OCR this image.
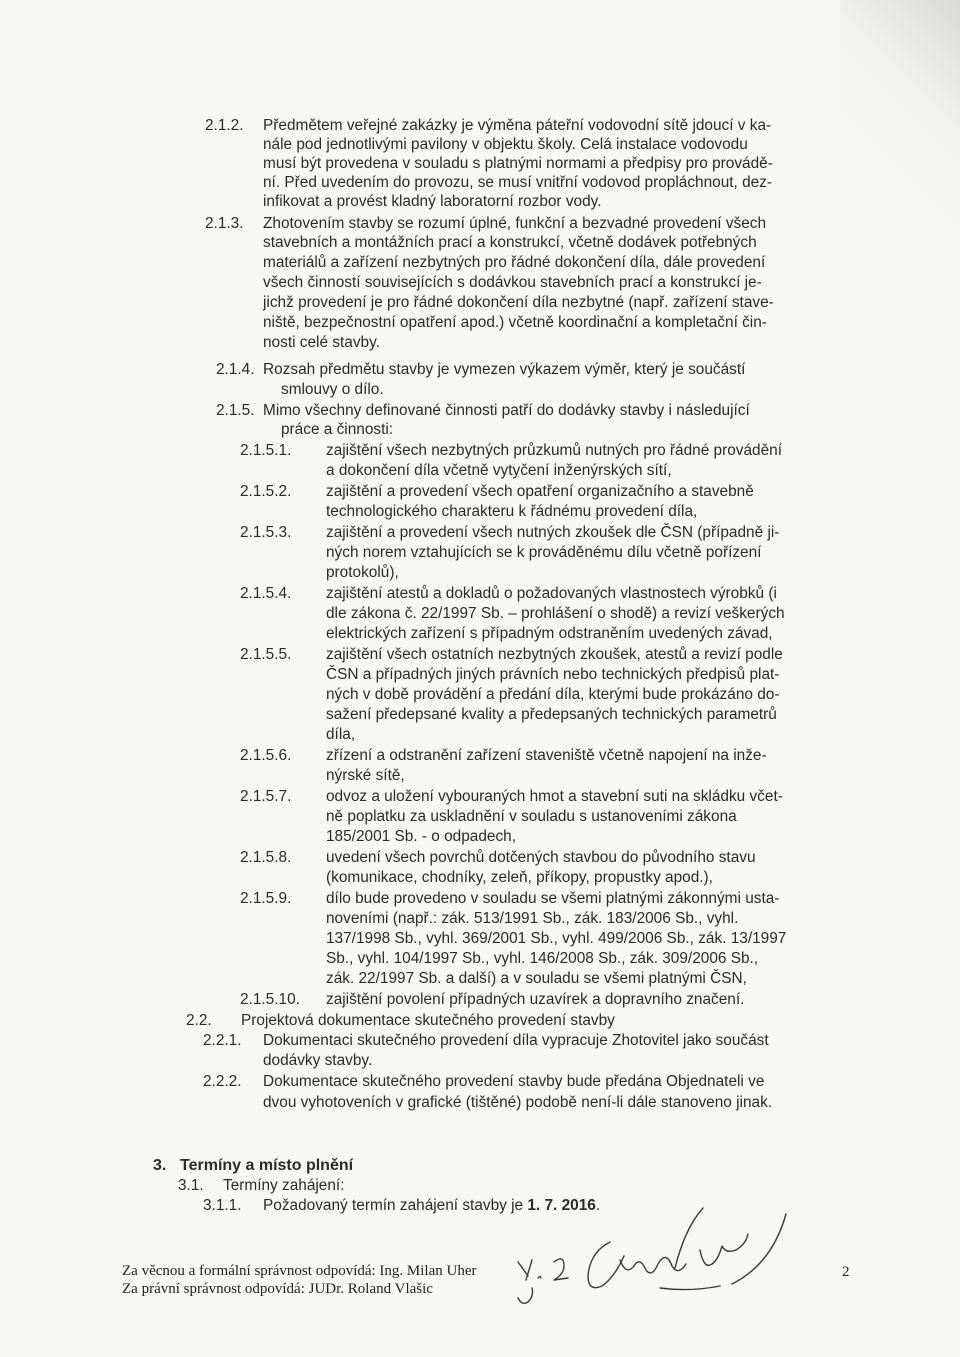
2.1.2. Předmětem veřejné zakázky je výměna páteřní vodovodní sítě jdoucí v ka-
nále pod jednotlivými pavilony v objektu školy. Celá instalace vodovodu
musí být provedena v souladu s platnými normami a předpisy pro provádě-
ní. Před uvedením do provozu, se musí vnitřní vodovod propláchnout, dez-
infikovat a provést kladný laboratorní rozbor vody.
2.1.3. Zhotovením stavby se rozumí úplné, funkční a bezvadné provedení všech
stavebních a montážních prací a konstrukcí, včetně dodávek potřebných
materiálů a zařízení nezbytných pro řádné dokončení díla, dále provedení
všech činností souvisejících s dodávkou stavebních prací a konstrukcí je-
jichž provedení je pro řádné dokončení díla nezbytné (např. zařízení stave-
niště, bezpečnostní opatření apod.) včetně koordinační a kompletační čin-
nosti celé stavby.
2.1.4. Rozsah předmětu stavby je vymezen výkazem výměr, který je součástí
smlouvy o dílo.
2.1.5. Mimo všechny definované činnosti patří do dodávky stavby i následující
práce a činnosti:
2.1.5.1. zajištění všech nezbytných průzkumů nutných pro řádné provádění
a dokončení díla včetně vytyčení inženýrských sítí,
2.1.5.2. zajištění a provedení všech opatření organizačního a stavebně
technologického charakteru k řádnému provedení díla,
2.1.5.3. zajištění a provedení všech nutných zkoušek dle ČSN (případně ji-
ných norem vztahujících se k prováděnému dílu včetně pořízení
protokolů),
2.1.5.4. zajištění atestů a dokladů o požadovaných vlastnostech výrobků (i
dle zákona č. 22/1997 Sb. – prohlášení o shodě) a revizí veškerých
elektrických zařízení s případným odstraněním uvedených závad,
2.1.5.5. zajištění všech ostatních nezbytných zkoušek, atestů a revizí podle
ČSN a případných jiných právních nebo technických předpisů plat-
ných v době provádění a předání díla, kterými bude prokázáno do-
sažení předepsané kvality a předepsaných technických parametrů
díla,
2.1.5.6. zřízení a odstranění zařízení staveniště včetně napojení na inže-
nýrské sítě,
2.1.5.7. odvoz a uložení vybouraných hmot a stavební suti na skládku včet-
ně poplatku za uskladnění v souladu s ustanoveními zákona
185/2001 Sb. - o odpadech,
2.1.5.8. uvedení všech povrchů dotčených stavbou do původního stavu
(komunikace, chodníky, zeleň, příkopy, propustky apod.),
2.1.5.9. dílo bude provedeno v souladu se všemi platnými zákonnými usta-
noveními (např.: zák. 513/1991 Sb., zák. 183/2006 Sb., vyhl.
137/1998 Sb., vyhl. 369/2001 Sb., vyhl. 499/2006 Sb., zák. 13/1997
Sb., vyhl. 104/1997 Sb., vyhl. 146/2008 Sb., zák. 309/2006 Sb.,
zák. 22/1997 Sb. a další) a v souladu se všemi platnými ČSN,
2.1.5.10. zajištění povolení případných uzavírek a dopravního značení.
2.2. Projektová dokumentace skutečného provedení stavby
2.2.1. Dokumentaci skutečného provedení díla vypracuje Zhotovitel jako součást
dodávky stavby.
2.2.2. Dokumentace skutečného provedení stavby bude předána Objednateli ve
dvou vyhotoveních v grafické (tištěné) podobě není-li dále stanoveno jinak.
3. Termíny a místo plnění
3.1. Termíny zahájení:
3.1.1. Požadovaný termín zahájení stavby je 1. 7. 2016.
Za věcnou a formální správnost odpovídá: Ing. Milan Uher
Za právní správnost odpovídá: JUDr. Roland Vlašic
2
